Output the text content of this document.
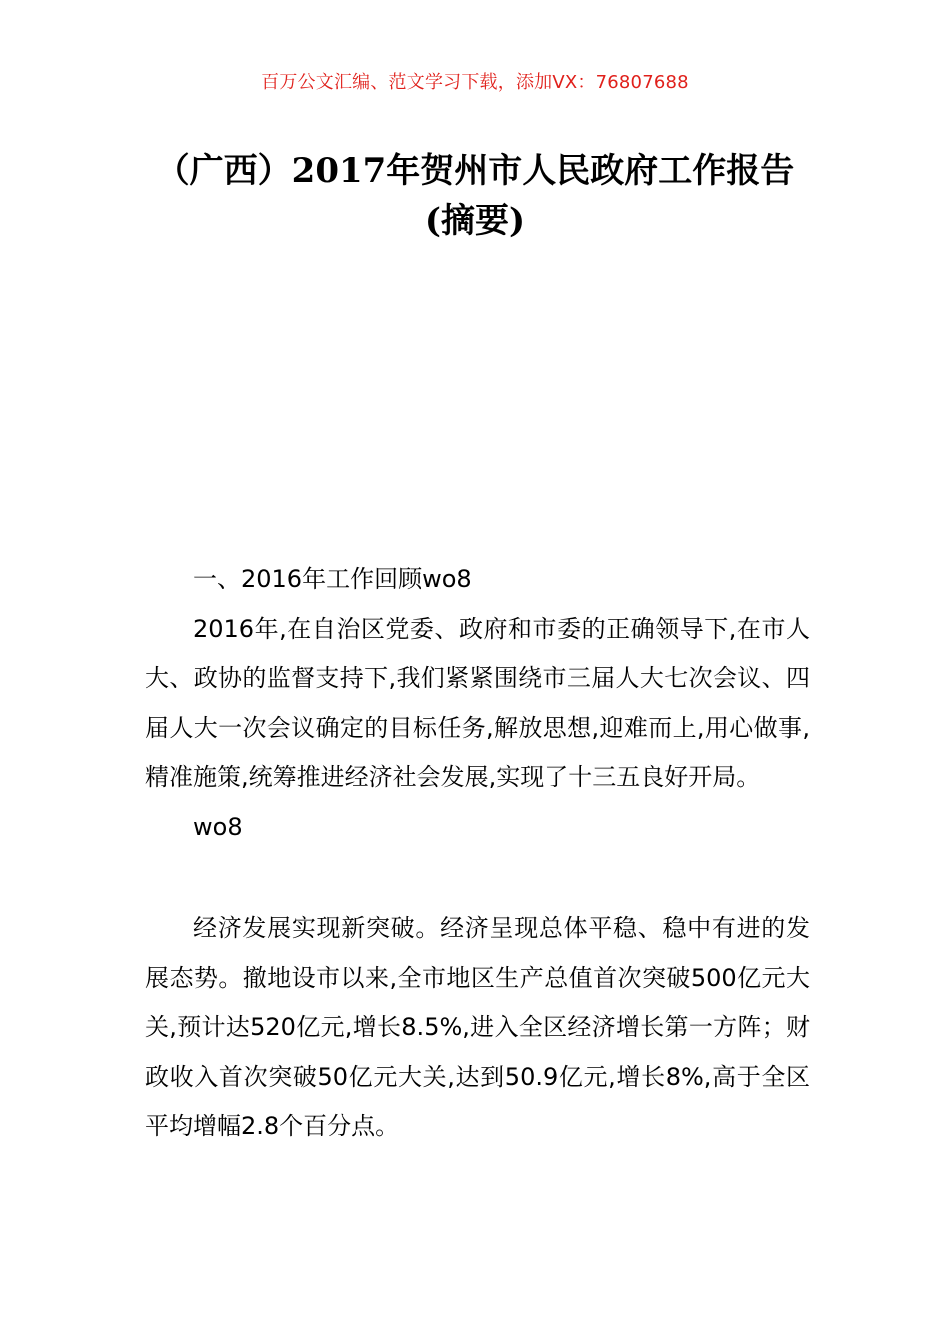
百万公文汇编、范文学习下载，添加VX：76807688
（广西）2017年贺州市人民政府工作报告
(摘要)

一、2016年工作回顾wo8

2016年,在自治区党委、政府和市委的正确领导下,在市人大、政协的监督支持下,我们紧紧围绕市三届人大七次会议、四届人大一次会议确定的目标任务,解放思想,迎难而上,用心做事,精准施策,统筹推进经济社会发展,实现了十三五良好开局。

wo8

经济发展实现新突破。经济呈现总体平稳、稳中有进的发展态势。撤地设市以来,全市地区生产总值首次突破500亿元大关,预计达520亿元,增长8.5%,进入全区经济增长第一方阵；财政收入首次突破50亿元大关,达到50.9亿元,增长8%,高于全区平均增幅2.8个百分点。
